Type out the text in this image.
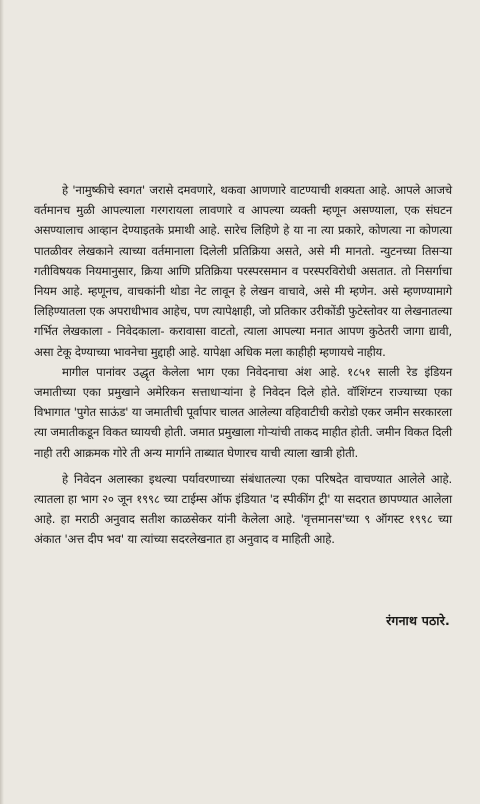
हे 'नामुष्कीचे स्वगत' जरासे दमवणारे, थकवा आणणारे वाटण्याची शक्यता आहे. आपले आजचे वर्तमानच मुळी आपल्याला गरगरायला लावणारे व आपल्या व्यक्ती म्हणून असण्याला, एक संघटन असण्यालाच आव्हान देण्याइतके प्रमाथी आहे. सारेच लिहिणे हे या ना त्या प्रकारे, कोणत्या ना कोणत्या पातळीवर लेखकाने त्याच्या वर्तमानाला दिलेली प्रतिक्रिया असते, असे मी मानतो. न्युटनच्या तिसऱ्या गतीविषयक नियमानुसार, क्रिया आणि प्रतिक्रिया परस्परसमान व परस्परविरोधी असतात. तो निसर्गाचा नियम आहे. म्हणूनच, वाचकांनी थोडा नेट लावून हे लेखन वाचावे, असे मी म्हणेन. असे म्हणण्यामागे लिहिण्यातला एक अपराधीभाव आहेच, पण त्यापेक्षाही, जो प्रतिकार उरीकोंडी फुटेस्तोवर या लेखनातल्या गर्भित लेखकाला - निवेदकाला- करावासा वाटतो, त्याला आपल्या मनात आपण कुठेतरी जागा द्यावी, असा टेकू देण्याच्या भावनेचा मुद्दाही आहे. यापेक्षा अधिक मला काहीही म्हणायचे नाहीय.

मागील पानांवर उद्धृत केलेला भाग एका निवेदनाचा अंश आहे. १८५१ साली रेड इंडियन जमातीच्या एका प्रमुखाने अमेरिकन सत्ताधाऱ्यांना हे निवेदन दिले होते. वॉशिंग्टन राज्याच्या एका विभागात 'पुगेत साऊंड' या जमातीची पूर्वापार चालत आलेल्या वहिवाटीची करोडो एकर जमीन सरकारला त्या जमातीकडून विकत घ्यायची होती. जमात प्रमुखाला गोऱ्यांची ताकद माहीत होती. जमीन विकत दिली नाही तरी आक्रमक गोरे ती अन्य मार्गाने ताब्यात घेणारच याची त्याला खात्री होती.

हे निवेदन अलास्का इथल्या पर्यावरणाच्या संबंधातल्या एका परिषदेत वाचण्यात आलेले आहे. त्यातला हा भाग २० जून १९९८ च्या टाईम्स ऑफ इंडियात 'द स्पीकींग ट्री' या सदरात छापण्यात आलेला आहे. हा मराठी अनुवाद सतीश काळसेकर यांनी केलेला आहे. 'वृत्तमानस'च्या ९ ऑगस्ट १९९८ च्या अंकात 'अत्त दीप भव' या त्यांच्या सदरलेखनात हा अनुवाद व माहिती आहे.

रंगनाथ पठारे.
